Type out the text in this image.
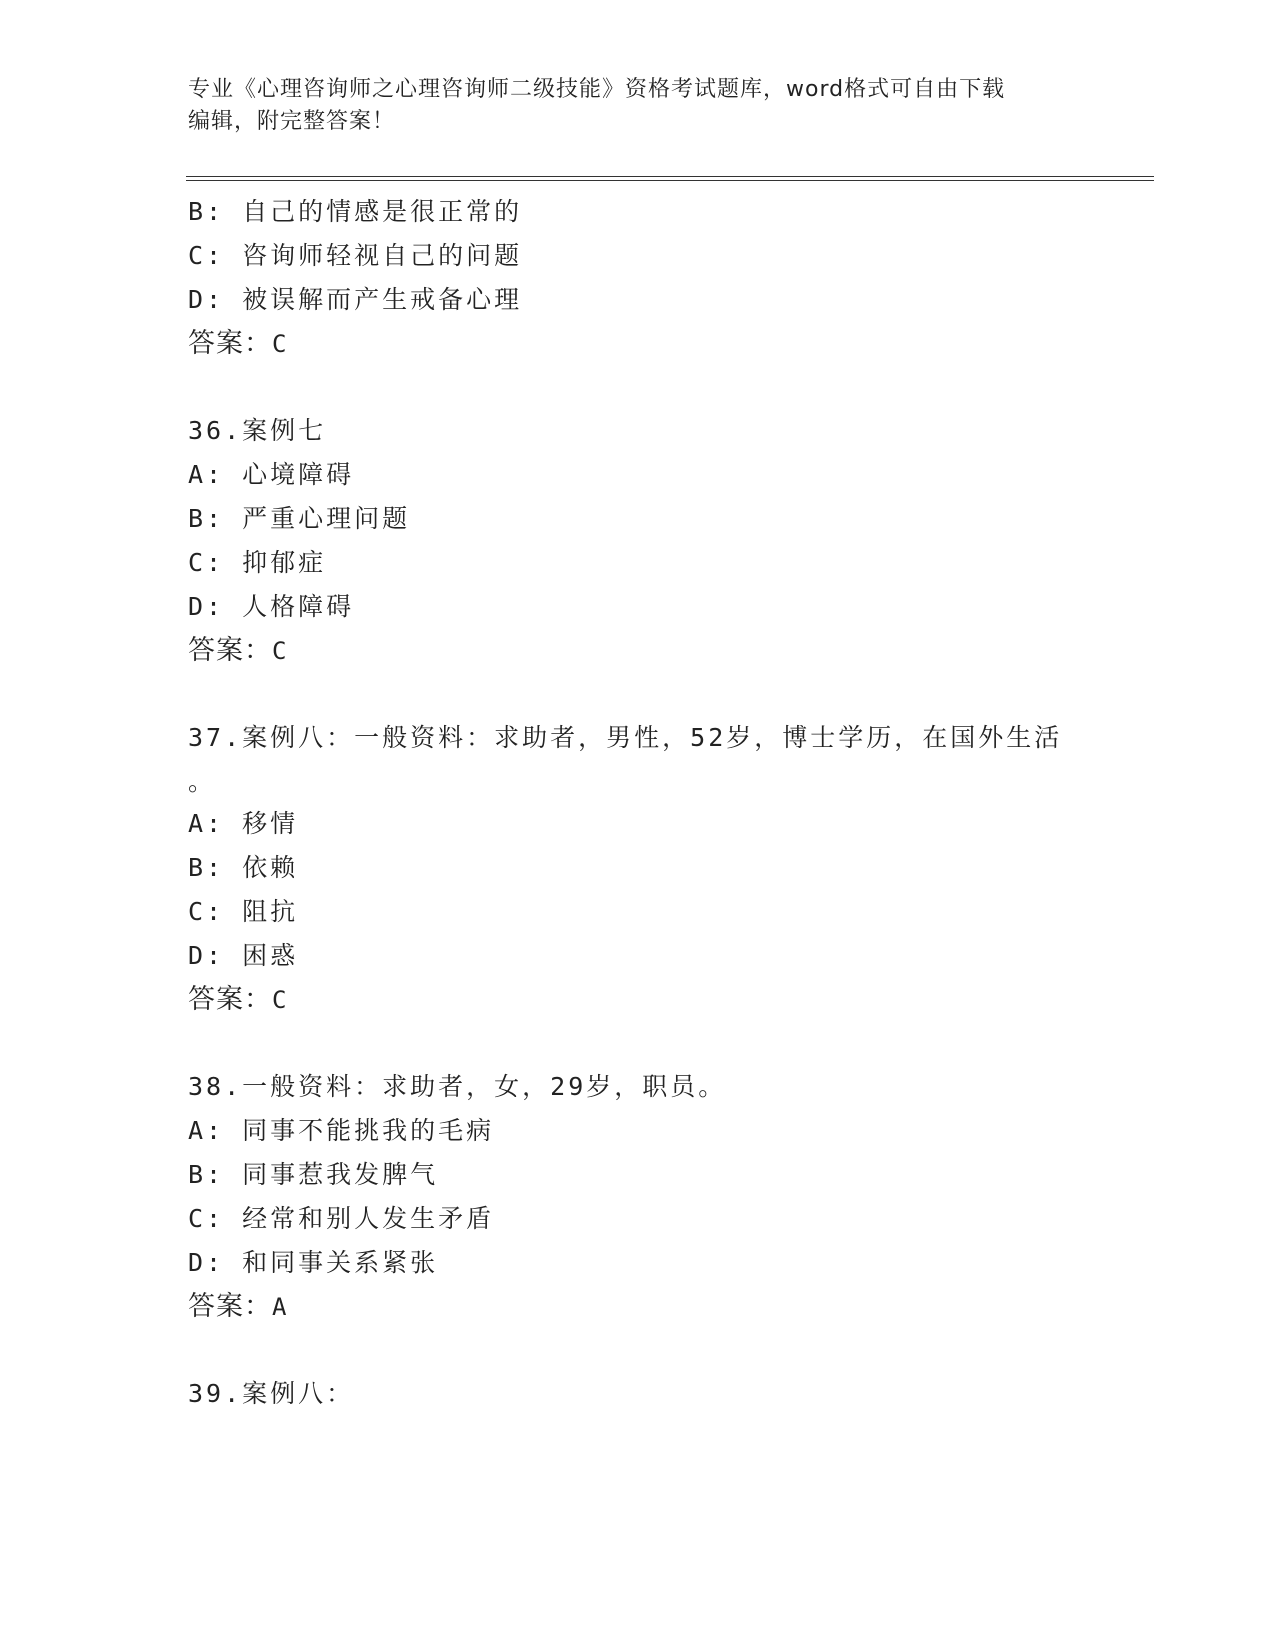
专业《心理咨询师之心理咨询师二级技能》资格考试题库，word格式可自由下载
编辑，附完整答案！
B: 自己的情感是很正常的
C: 咨询师轻视自己的问题
D: 被误解而产生戒备心理
答案：C
36.案例七
A: 心境障碍
B: 严重心理问题
C: 抑郁症
D: 人格障碍
答案：C
37.案例八：一般资料：求助者，男性，52岁，博士学历，在国外生活
。
A: 移情
B: 依赖
C: 阻抗
D: 困惑
答案：C
38.一般资料：求助者，女，29岁，职员。
A: 同事不能挑我的毛病
B: 同事惹我发脾气
C: 经常和别人发生矛盾
D: 和同事关系紧张
答案：A
39.案例八：
